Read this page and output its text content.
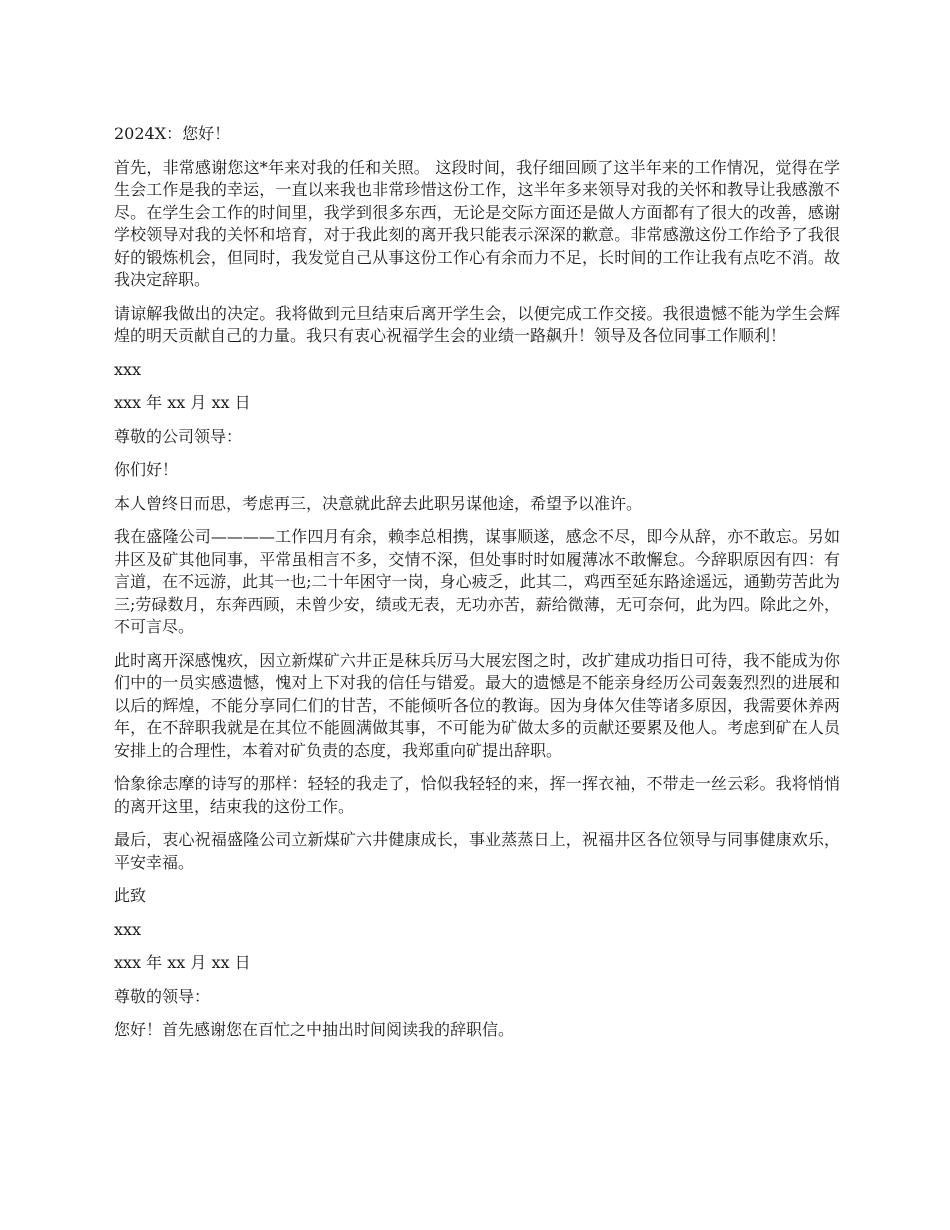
2024X：您好！

首先，非常感谢您这*年来对我的任和关照。 这段时间，我仔细回顾了这半年来的工作情况，觉得在学生会工作是我的幸运，一直以来我也非常珍惜这份工作，这半年多来领导对我的关怀和教导让我感激不尽。在学生会工作的时间里，我学到很多东西，无论是交际方面还是做人方面都有了很大的改善，感谢学校领导对我的关怀和培育，对于我此刻的离开我只能表示深深的歉意。非常感激这份工作给予了我很好的锻炼机会，但同时，我发觉自己从事这份工作心有余而力不足，长时间的工作让我有点吃不消。故我决定辞职。

请谅解我做出的决定。我将做到元旦结束后离开学生会，以便完成工作交接。我很遗憾不能为学生会辉煌的明天贡献自己的力量。我只有衷心祝福学生会的业绩一路飙升！领导及各位同事工作顺利！

xxx

xxx 年 xx 月 xx 日

尊敬的公司领导：

你们好！

本人曾终日而思，考虑再三，决意就此辞去此职另谋他途，希望予以准许。

我在盛隆公司————工作四月有余，赖李总相携，谋事顺遂，感念不尽，即今从辞，亦不敢忘。另如井区及矿其他同事，平常虽相言不多，交情不深，但处事时时如履薄冰不敢懈怠。今辞职原因有四：有言道，在不远游，此其一也;二十年困守一岗，身心疲乏，此其二，鸡西至延东路途遥远，通勤劳苦此为三;劳碌数月，东奔西顾，未曾少安，绩或无表，无功亦苦，薪给微薄，无可奈何，此为四。除此之外，不可言尽。

此时离开深感愧疚，因立新煤矿六井正是秣兵厉马大展宏图之时，改扩建成功指日可待，我不能成为你们中的一员实感遗憾，愧对上下对我的信任与错爱。最大的遗憾是不能亲身经历公司轰轰烈烈的进展和以后的辉煌，不能分享同仁们的甘苦，不能倾听各位的教诲。因为身体欠佳等诸多原因，我需要休养两年，在不辞职我就是在其位不能圆满做其事，不可能为矿做太多的贡献还要累及他人。考虑到矿在人员安排上的合理性，本着对矿负责的态度，我郑重向矿提出辞职。

恰象徐志摩的诗写的那样：轻轻的我走了，恰似我轻轻的来，挥一挥衣袖，不带走一丝云彩。我将悄悄的离开这里，结束我的这份工作。

最后，衷心祝福盛隆公司立新煤矿六井健康成长，事业蒸蒸日上，祝福井区各位领导与同事健康欢乐，平安幸福。

此致

xxx

xxx 年 xx 月 xx 日

尊敬的领导：

您好！首先感谢您在百忙之中抽出时间阅读我的辞职信。
